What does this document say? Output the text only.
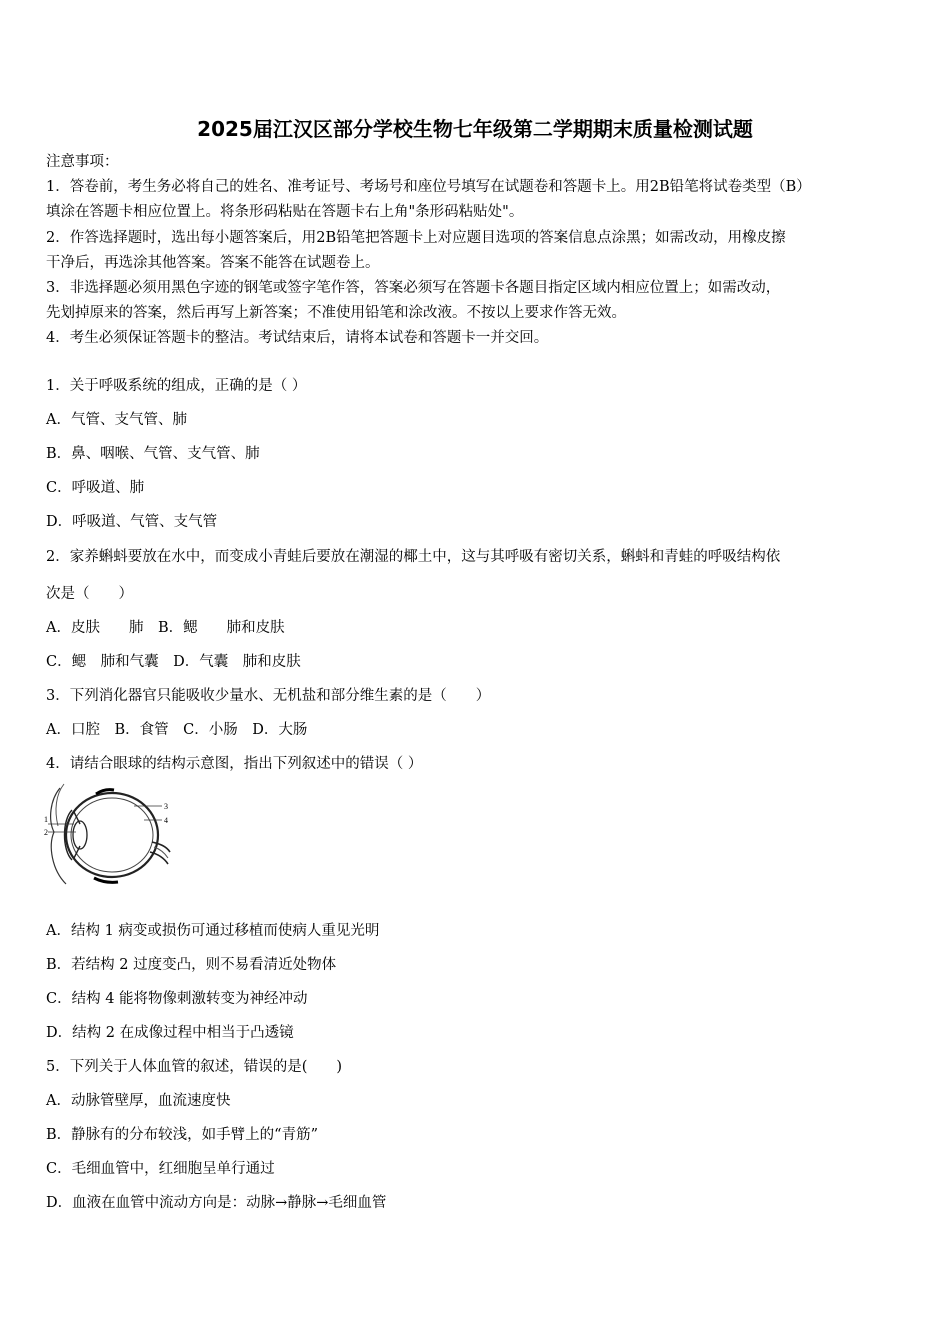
2025届江汉区部分学校生物七年级第二学期期末质量检测试题
注意事项：
1．答卷前，考生务必将自己的姓名、准考证号、考场号和座位号填写在试题卷和答题卡上。用2B铅笔将试卷类型（B）
填涂在答题卡相应位置上。将条形码粘贴在答题卡右上角"条形码粘贴处"。
2．作答选择题时，选出每小题答案后，用2B铅笔把答题卡上对应题目选项的答案信息点涂黑；如需改动，用橡皮擦
干净后，再选涂其他答案。答案不能答在试题卷上。
3．非选择题必须用黑色字迹的钢笔或签字笔作答，答案必须写在答题卡各题目指定区域内相应位置上；如需改动，
先划掉原来的答案，然后再写上新答案；不准使用铅笔和涂改液。不按以上要求作答无效。
4．考生必须保证答题卡的整洁。考试结束后，请将本试卷和答题卡一并交回。
1．关于呼吸系统的组成，正确的是（ ）
A．气管、支气管、肺
B．鼻、咽喉、气管、支气管、肺
C．呼吸道、肺
D．呼吸道、气管、支气管
2．家养蝌蚪要放在水中，而变成小青蛙后要放在潮湿的椰土中，这与其呼吸有密切关系，蝌蚪和青蛙的呼吸结构依
次是（　　）
A．皮肤　　肺　B．鳃　　肺和皮肤
C．鳃　肺和气囊　D．气囊　肺和皮肤
3．下列消化器官只能吸收少量水、无机盐和部分维生素的是（　　）
A．口腔　B．食管　C．小肠　D．大肠
4．请结合眼球的结构示意图，指出下列叙述中的错误（ ）
1
2
3
4
A．结构 1 病变或损伤可通过移植而使病人重见光明
B．若结构 2 过度变凸，则不易看清近处物体
C．结构 4 能将物像刺激转变为神经冲动
D．结构 2 在成像过程中相当于凸透镜
5．下列关于人体血管的叙述，错误的是(　　)
A．动脉管壁厚，血流速度快
B．静脉有的分布较浅，如手臂上的“青筋”
C．毛细血管中，红细胞呈单行通过
D．血液在血管中流动方向是：动脉→静脉→毛细血管
